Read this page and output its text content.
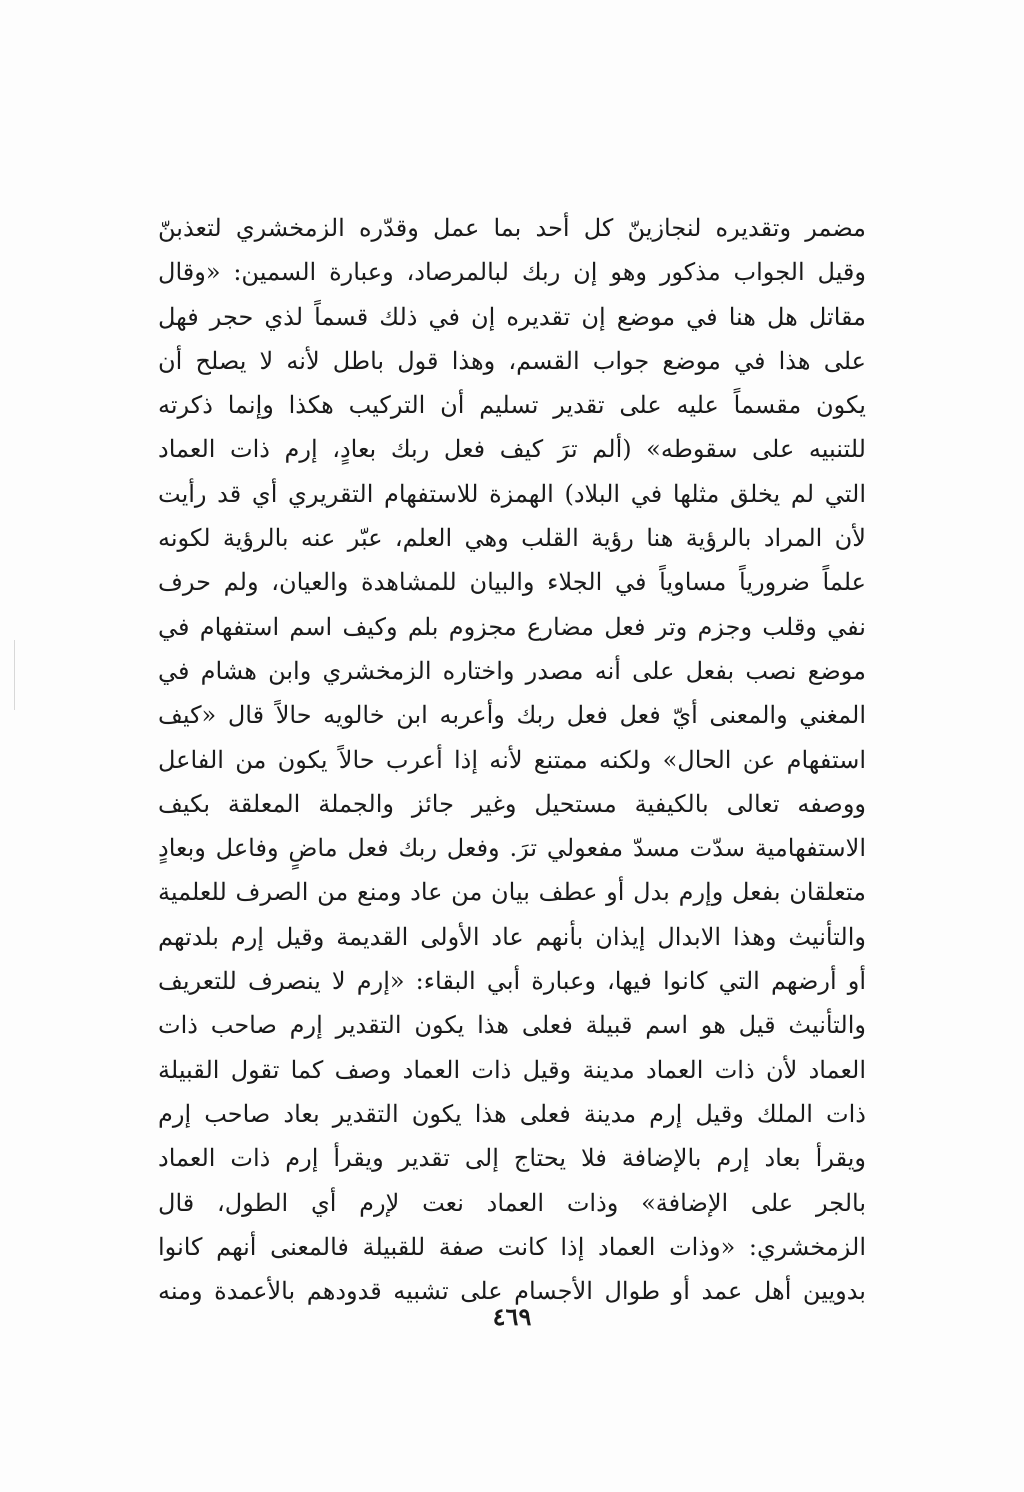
مضمر وتقديره لنجازينّ كل أحد بما عمل وقدّره الزمخشري لتعذبنّ
وقيل الجواب مذكور وهو إن ربك لبالمرصاد، وعبارة السمين: «وقال
مقاتل هل هنا في موضع إن تقديره إن في ذلك قسماً لذي حجر فهل
على هذا في موضع جواب القسم، وهذا قول باطل لأنه لا يصلح أن
يكون مقسماً عليه على تقدير تسليم أن التركيب هكذا وإنما ذكرته
للتنبيه على سقوطه» (ألم ترَ كيف فعل ربك بعادٍ، إرم ذات العماد
التي لم يخلق مثلها في البلاد) الهمزة للاستفهام التقريري أي قد رأيت
لأن المراد بالرؤية هنا رؤية القلب وهي العلم، عبّر عنه بالرؤية لكونه
علماً ضرورياً مساوياً في الجلاء والبيان للمشاهدة والعيان، ولم حرف
نفي وقلب وجزم وتر فعل مضارع مجزوم بلم وكيف اسم استفهام في
موضع نصب بفعل على أنه مصدر واختاره الزمخشري وابن هشام في
المغني والمعنى أيّ فعل فعل ربك وأعربه ابن خالويه حالاً قال «كيف
استفهام عن الحال» ولكنه ممتنع لأنه إذا أعرب حالاً يكون من الفاعل
ووصفه تعالى بالكيفية مستحيل وغير جائز والجملة المعلقة بكيف
الاستفهامية سدّت مسدّ مفعولي ترَ. وفعل ربك فعل ماضٍ وفاعل وبعادٍ
متعلقان بفعل وإرم بدل أو عطف بيان من عاد ومنع من الصرف للعلمية
والتأنيث وهذا الابدال إيذان بأنهم عاد الأولى القديمة وقيل إرم بلدتهم
أو أرضهم التي كانوا فيها، وعبارة أبي البقاء: «إرم لا ينصرف للتعريف
والتأنيث قيل هو اسم قبيلة فعلى هذا يكون التقدير إرم صاحب ذات
العماد لأن ذات العماد مدينة وقيل ذات العماد وصف كما تقول القبيلة
ذات الملك وقيل إرم مدينة فعلى هذا يكون التقدير بعاد صاحب إرم
ويقرأ بعاد إرم بالإضافة فلا يحتاج إلى تقدير ويقرأ إرم ذات العماد
بالجر على الإضافة» وذات العماد نعت لإرم أي الطول، قال
الزمخشري: «وذات العماد إذا كانت صفة للقبيلة فالمعنى أنهم كانوا
بدويين أهل عمد أو طوال الأجسام على تشبيه قدودهم بالأعمدة ومنه
٤٦٩
